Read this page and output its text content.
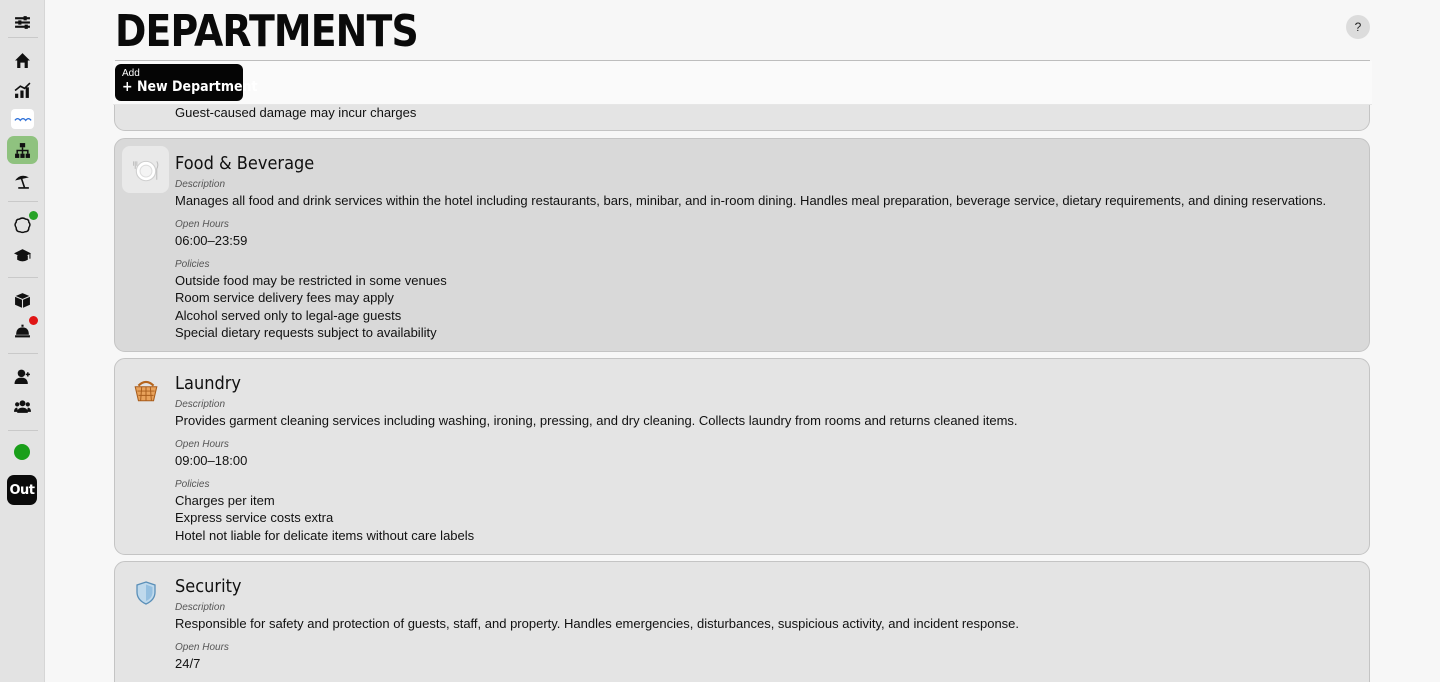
Out
DEPARTMENTS	?
Add
+ New Department
Guest-caused damage may incur charges
Food & Beverage
Description
Manages all food and drink services within the hotel including restaurants, bars, minibar, and in-room dining. Handles meal preparation, beverage service, dietary requirements, and dining reservations.
Open Hours
06:00–23:59
Policies
Outside food may be restricted in some venues
Room service delivery fees may apply
Alcohol served only to legal-age guests
Special dietary requests subject to availability
Laundry
Description
Provides garment cleaning services including washing, ironing, pressing, and dry cleaning. Collects laundry from rooms and returns cleaned items.
Open Hours
09:00–18:00
Policies
Charges per item
Express service costs extra
Hotel not liable for delicate items without care labels
Security
Description
Responsible for safety and protection of guests, staff, and property. Handles emergencies, disturbances, suspicious activity, and incident response.
Open Hours
24/7
